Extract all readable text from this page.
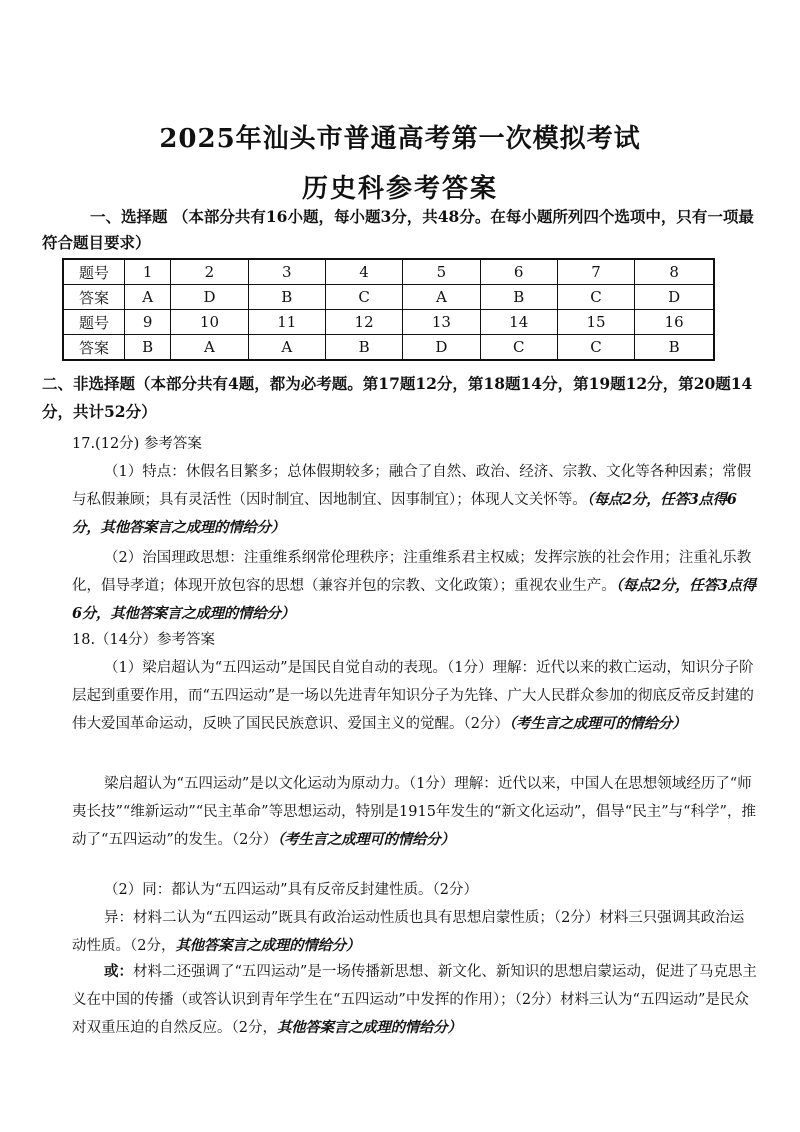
2025年汕头市普通高考第一次模拟考试
历史科参考答案
一、选择题 （本部分共有16小题，每小题3分，共48分。在每小题所列四个选项中，只有一项最符合题目要求）
题号	1	2	3	4	5	6	7	8
答案	A	D	B	C	A	B	C	D
题号	9	10	11	12	13	14	15	16
答案	B	A	A	B	D	C	C	B
二、非选择题（本部分共有4题，都为必考题。第17题12分，第18题14分，第19题12分，第20题14分，共计52分）
17.(12分) 参考答案
（1）特点：休假名目繁多；总体假期较多；融合了自然、政治、经济、宗教、文化等各种因素；常假与私假兼顾；具有灵活性（因时制宜、因地制宜、因事制宜）；体现人文关怀等。（每点2分，任答3点得6分，其他答案言之成理的情给分）
（2）治国理政思想：注重维系纲常伦理秩序；注重维系君主权威；发挥宗族的社会作用；注重礼乐教化，倡导孝道；体现开放包容的思想（兼容并包的宗教、文化政策）；重视农业生产。（每点2分，任答3点得6分，其他答案言之成理的情给分）
18.（14分）参考答案
（1）梁启超认为“五四运动”是国民自觉自动的表现。（1分）理解：近代以来的救亡运动，知识分子阶层起到重要作用，而“五四运动”是一场以先进青年知识分子为先锋、广大人民群众参加的彻底反帝反封建的伟大爱国革命运动，反映了国民民族意识、爱国主义的觉醒。（2分）（考生言之成理可的情给分）
梁启超认为“五四运动”是以文化运动为原动力。（1分）理解：近代以来，中国人在思想领域经历了“师夷长技”“维新运动”“民主革命”等思想运动，特别是1915年发生的“新文化运动”，倡导“民主”与“科学”，推动了“五四运动”的发生。（2分）（考生言之成理可的情给分）
（2）同：都认为“五四运动”具有反帝反封建性质。（2分）
异：材料二认为“五四运动”既具有政治运动性质也具有思想启蒙性质；（2分）材料三只强调其政治运动性质。（2分，其他答案言之成理的情给分）
或：材料二还强调了“五四运动”是一场传播新思想、新文化、新知识的思想启蒙运动，促进了马克思主义在中国的传播（或答认识到青年学生在“五四运动”中发挥的作用）；（2分）材料三认为“五四运动”是民众对双重压迫的自然反应。（2分，其他答案言之成理的情给分）
